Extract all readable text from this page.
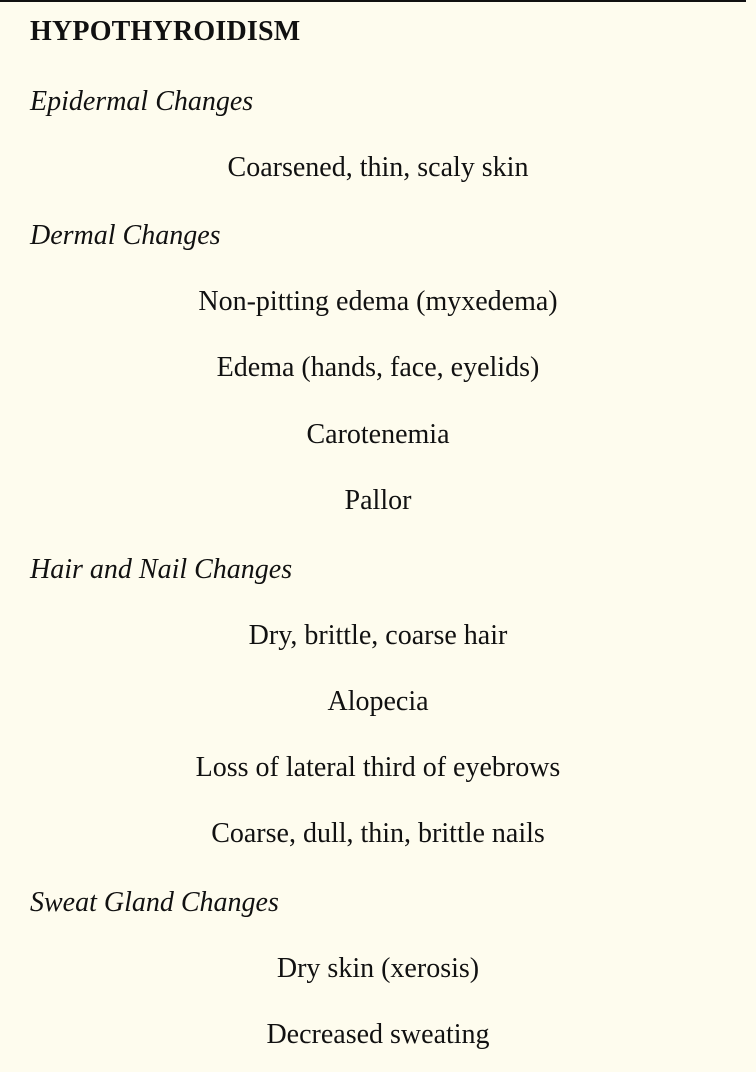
HYPOTHYROIDISM
Epidermal Changes
Coarsened, thin, scaly skin
Dermal Changes
Non-pitting edema (myxedema)
Edema (hands, face, eyelids)
Carotenemia
Pallor
Hair and Nail Changes
Dry, brittle, coarse hair
Alopecia
Loss of lateral third of eyebrows
Coarse, dull, thin, brittle nails
Sweat Gland Changes
Dry skin (xerosis)
Decreased sweating
